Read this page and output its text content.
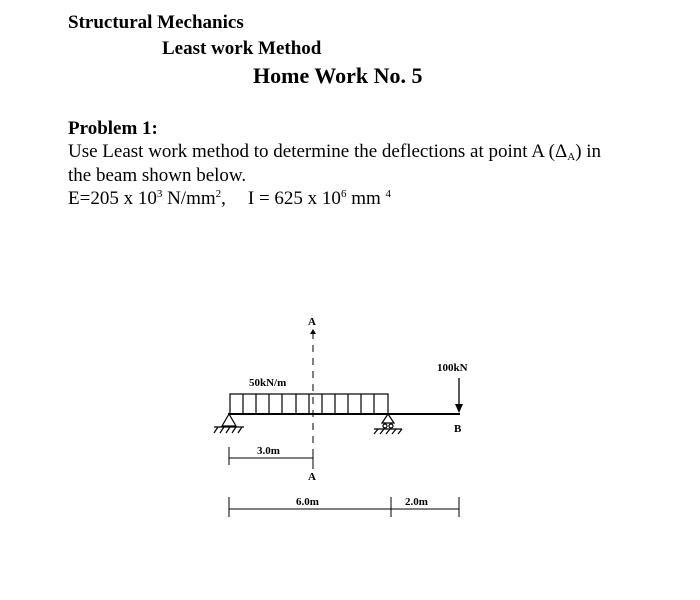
Structural Mechanics
Least work Method
Home Work No. 5
Problem 1:
Use Least work method to determine the deflections at point A $(\Delta_A)$ in
the beam shown below.
E=205 x $10^3$ $N/mm^2$, I = 625 x $10^6$ mm $^4$
A
50kN/m
100kN
B
3.0m
A
6.0m	2.0m
